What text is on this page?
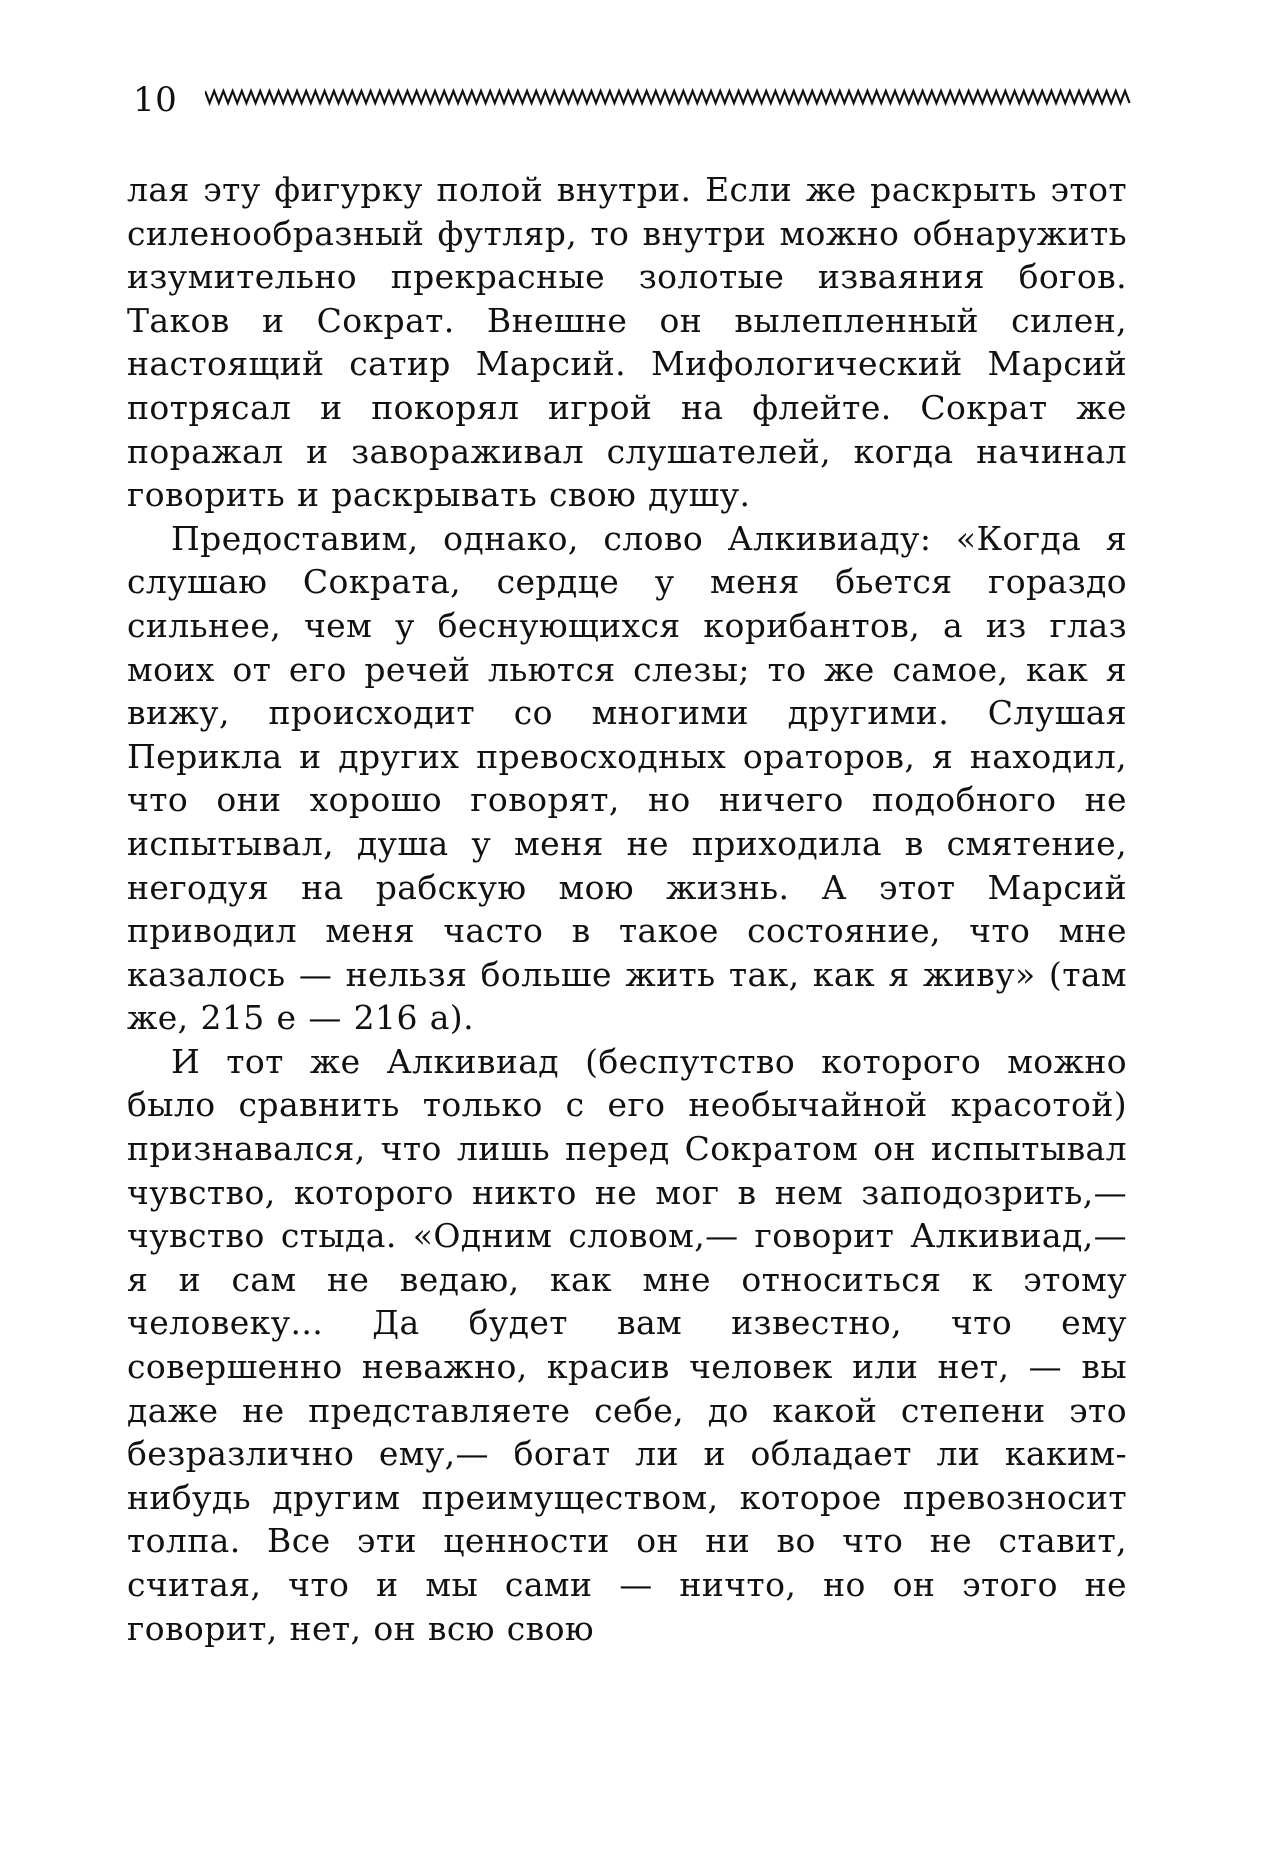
10

лая эту фигурку полой внутри. Если же раскрыть этот силенообразный футляр, то внутри можно обнаружить изумительно прекрасные золотые изваяния богов. Таков и Сократ. Внешне он вылепленный силен, настоящий сатир Марсий. Мифологический Марсий потрясал и покорял игрой на флейте. Сократ же поражал и завораживал слушателей, когда начинал говорить и раскрывать свою душу.

Предоставим, однако, слово Алкивиаду: «Когда я слушаю Сократа, сердце у меня бьется гораздо сильнее, чем у беснующихся корибантов, а из глаз моих от его речей льются слезы; то же самое, как я вижу, происходит со многими другими. Слушая Перикла и других превосходных ораторов, я находил, что они хорошо говорят, но ничего подобного не испытывал, душа у меня не приходила в смятение, негодуя на рабскую мою жизнь. А этот Марсий приводил меня часто в такое состояние, что мне казалось — нельзя больше жить так, как я живу» (там же, 215 е — 216 а).

И тот же Алкивиад (беспутство которого можно было сравнить только с его необычайной красотой) признавался, что лишь перед Сократом он испытывал чувство, которого никто не мог в нем заподозрить,— чувство стыда. «Одним словом,— говорит Алкивиад,— я и сам не ведаю, как мне относиться к этому человеку... Да будет вам известно, что ему совершенно неважно, красив человек или нет, — вы даже не представляете себе, до какой степени это безразлично ему,— богат ли и обладает ли каким-нибудь другим преимуществом, которое превозносит толпа. Все эти ценности он ни во что не ставит, считая, что и мы сами — ничто, но он этого не говорит, нет, он всю свою
